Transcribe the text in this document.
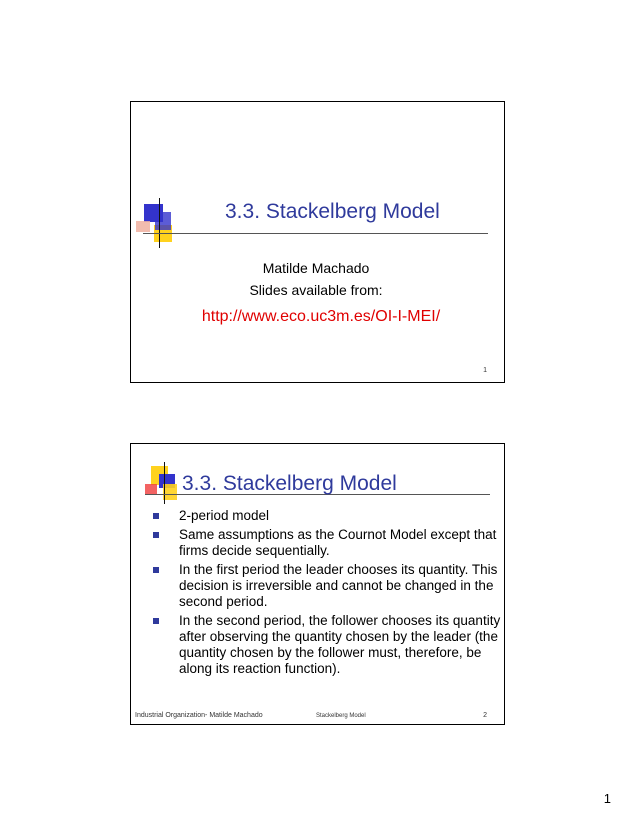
3.3. Stackelberg Model
Matilde Machado
Slides available from:
http://www.eco.uc3m.es/OI-I-MEI/
1
3.3. Stackelberg Model
2-period model
Same assumptions as the Cournot Model except that firms decide sequentially.
In the first period the leader chooses its quantity. This decision is irreversible and cannot be changed in the second period.
In the second period, the follower chooses its quantity after observing the quantity chosen by the leader (the quantity chosen by the follower must, therefore, be along its reaction function).
Industrial Organization- Matilde Machado	Stackelberg Model	2
1
